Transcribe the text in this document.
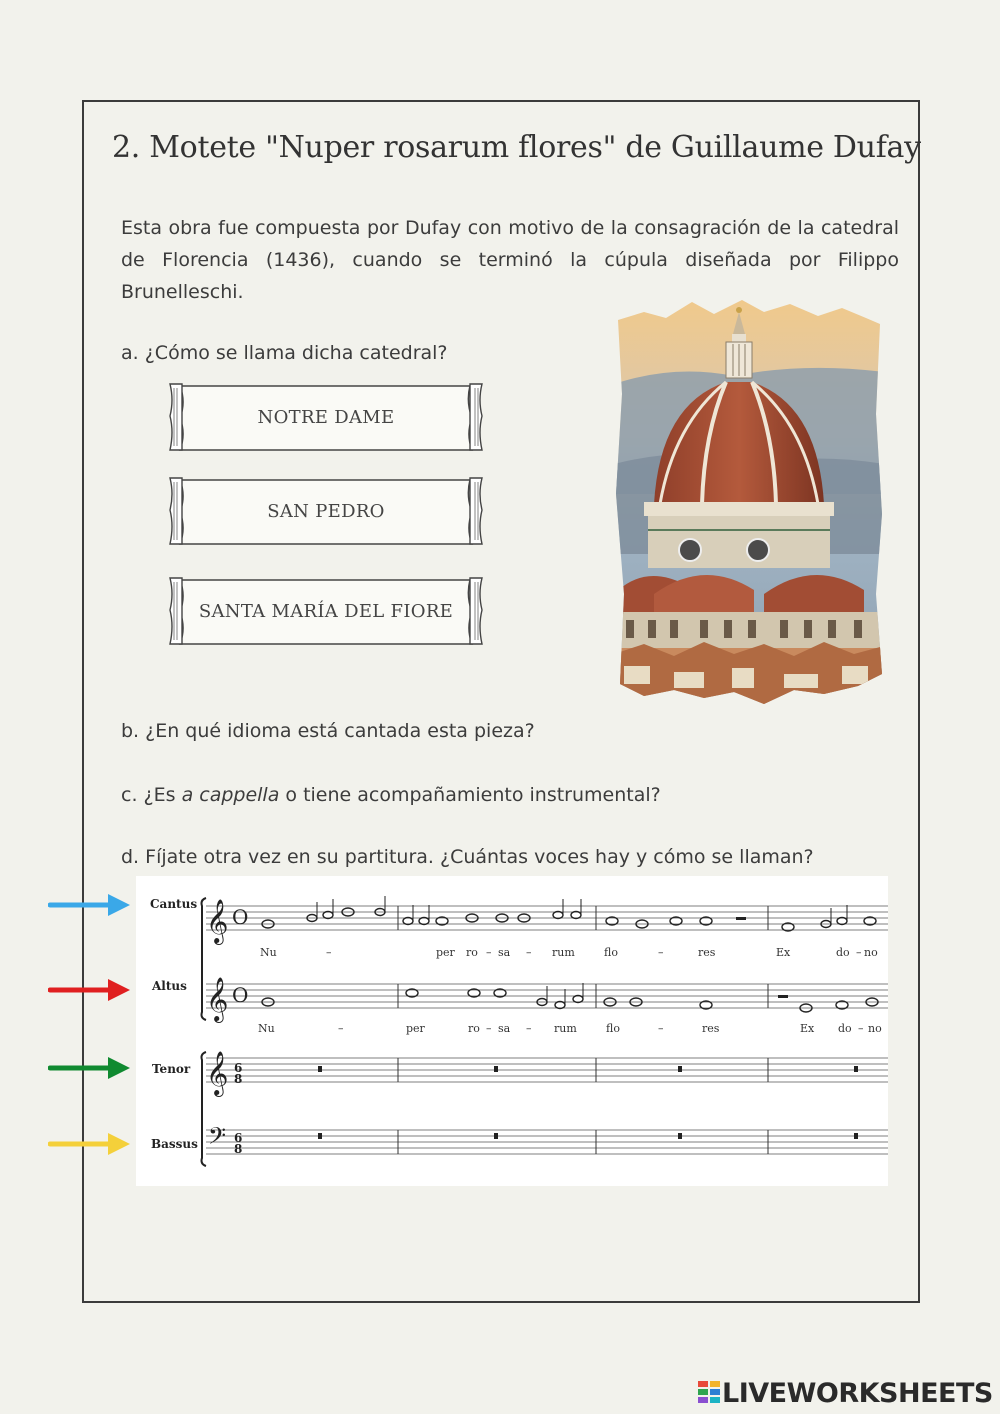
2. Motete "Nuper rosarum flores" de Guillaume Dufay
Esta obra fue compuesta por Dufay con motivo de la consagración de la catedral de Florencia (1436), cuando se terminó la cúpula diseñada por Filippo Brunelleschi.
a. ¿Cómo se llama dicha catedral?
NOTRE DAME
SAN PEDRO
SANTA MARÍA DEL FIORE
b. ¿En qué idioma está cantada esta pieza?
c. ¿Es a cappella o tiene acompañamiento instrumental?
d. Fíjate otra vez en su partitura. ¿Cuántas voces hay y cómo se llaman?
Cantus
Altus
Tenor
Bassus
𝄞
𝄞
𝄞
𝄢
O
O
6
8
6
8
Nu	–	per ro – sa – rum	flo	–	res	Ex	do – no
Nu	–	per	ro – sa – rum	flo	–	res	Ex do – no
LIVEWORKSHEETS
